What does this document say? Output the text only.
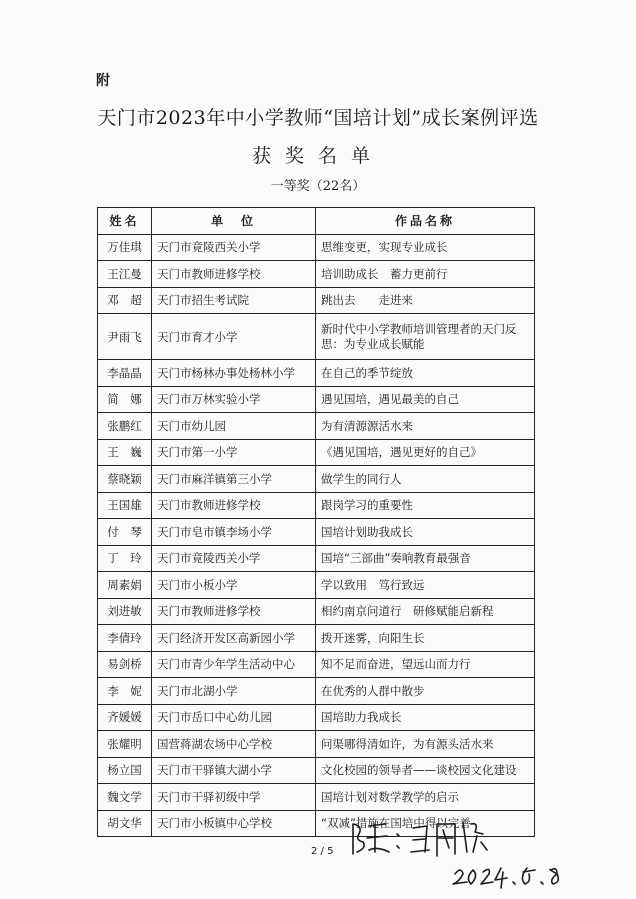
附
天门市2023年中小学教师“国培计划”成长案例评选
获奖名单
一等奖（22名）
姓名	单　位	作品名称
万佳琪	天门市竟陵西关小学	思维变更，实现专业成长
王江曼	天门市教师进修学校	培训助成长　蓄力更前行
邓　超	天门市招生考试院	跳出去　　走进来
尹雨飞	天门市育才小学	新时代中小学教师培训管理者的天门反思：为专业成长赋能
李晶晶	天门市杨林办事处杨林小学	在自己的季节绽放
简　娜	天门市万林实验小学	遇见国培，遇见最美的自己
张鹏红	天门市幼儿园	为有清源源活水来
王　巍	天门市第一小学	《遇见国培，遇见更好的自己》
蔡晓颖	天门市麻洋镇第三小学	做学生的同行人
王国雄	天门市教师进修学校	跟岗学习的重要性
付　琴	天门市皂市镇李场小学	国培计划助我成长
丁　玲	天门市竟陵西关小学	国培“三部曲”奏响教育最强音
周素娟	天门市小板小学	学以致用　笃行致远
刘进敏	天门市教师进修学校	相约南京问道行　研修赋能启新程
李倩玲	天门经济开发区高新园小学	拨开迷雾，向阳生长
易剑桥	天门市青少年学生活动中心	知不足而奋进，望远山而力行
李　妮	天门市北湖小学	在优秀的人群中散步
齐媛媛	天门市岳口中心幼儿园	国培助力我成长
张耀明	国营蒋湖农场中心学校	问渠哪得清如许，为有源头活水来
杨立国	天门市干驿镇大湖小学	文化校园的领导者——谈校园文化建设
魏文学	天门市干驿初级中学	国培计划对数学教学的启示
胡文华	天门市小板镇中心学校	“双减”措施在国培中得以完善
2 / 5
